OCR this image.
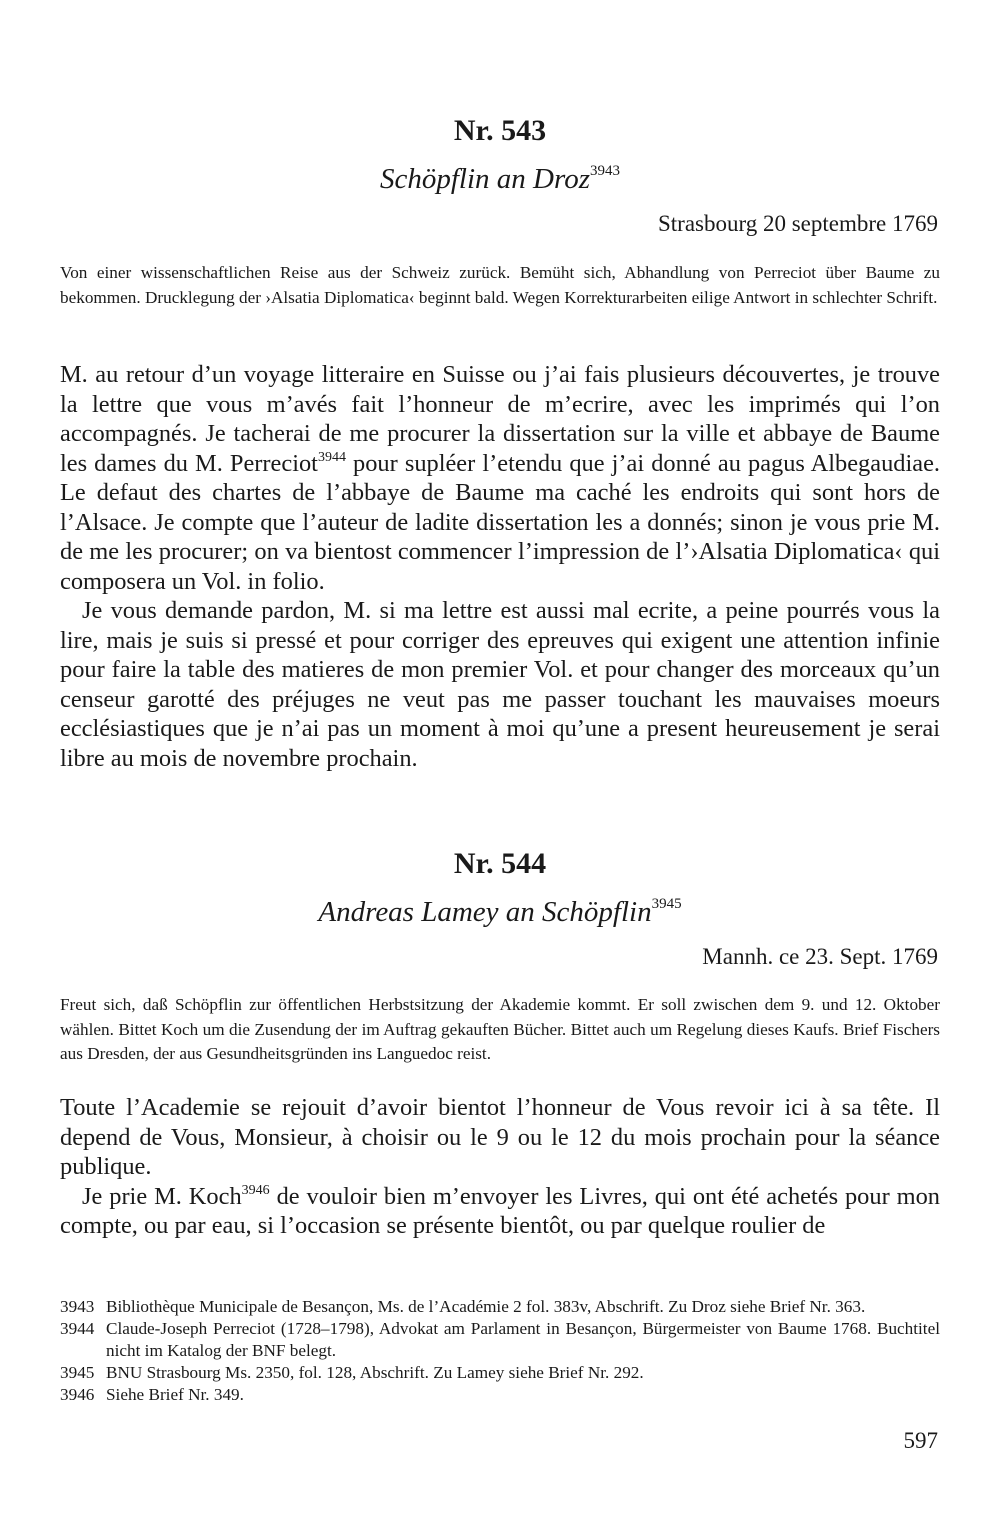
Nr. 543
Schöpflin an Droz$^{3943}$
Strasbourg 20 septembre 1769
Von einer wissenschaftlichen Reise aus der Schweiz zurück. Bemüht sich, Abhandlung von Perreciot über Baume zu bekommen. Drucklegung der ›Alsatia Diplomatica‹ beginnt bald. Wegen Korrekturarbeiten eilige Antwort in schlechter Schrift.

M. au retour d’un voyage litteraire en Suisse ou j’ai fais plusieurs découvertes, je trouve la lettre que vous m’avés fait l’honneur de m’ecrire, avec les imprimés qui l’on accompagnés. Je tacherai de me procurer la dissertation sur la ville et abbaye de Baume les dames du M. Perreciot$^{3944}$ pour supléer l’etendu que j’ai donné au pagus Albegaudiae. Le defaut des chartes de l’abbaye de Baume ma caché les endroits qui sont hors de l’Alsace. Je compte que l’auteur de ladite dissertation les a donnés; sinon je vous prie M. de me les procurer; on va bientost commencer l’impression de l’›Alsatia Diplomatica‹ qui composera un Vol. in folio.

Je vous demande pardon, M. si ma lettre est aussi mal ecrite, a peine pourrés vous la lire, mais je suis si pressé et pour corriger des epreuves qui exigent une attention infinie pour faire la table des matieres de mon premier Vol. et pour changer des morceaux qu’un censeur garotté des préjuges ne veut pas me passer touchant les mauvaises moeurs ecclésiastiques que je n’ai pas un moment à moi qu’une a present heureusement je serai libre au mois de novembre prochain.

Nr. 544
Andreas Lamey an Schöpflin$^{3945}$
Mannh. ce 23. Sept. 1769
Freut sich, daß Schöpflin zur öffentlichen Herbstsitzung der Akademie kommt. Er soll zwischen dem 9. und 12. Oktober wählen. Bittet Koch um die Zusendung der im Auftrag gekauften Bücher. Bittet auch um Regelung dieses Kaufs. Brief Fischers aus Dresden, der aus Gesundheitsgründen ins Languedoc reist.

Toute l’Academie se rejouit d’avoir bientot l’honneur de Vous revoir ici à sa tête. Il depend de Vous, Monsieur, à choisir ou le 9 ou le 12 du mois prochain pour la séance publique.

Je prie M. Koch$^{3946}$ de vouloir bien m’envoyer les Livres, qui ont été achetés pour mon compte, ou par eau, si l’occasion se présente bientôt, ou par quelque roulier de

3943 Bibliothèque Municipale de Besançon, Ms. de l’Académie 2 fol. 383v, Abschrift. Zu Droz siehe Brief Nr. 363.
3944 Claude-Joseph Perreciot (1728–1798), Advokat am Parlament in Besançon, Bürgermeister von Baume 1768. Buchtitel nicht im Katalog der BNF belegt.
3945 BNU Strasbourg Ms. 2350, fol. 128, Abschrift. Zu Lamey siehe Brief Nr. 292.
3946 Siehe Brief Nr. 349.
597
